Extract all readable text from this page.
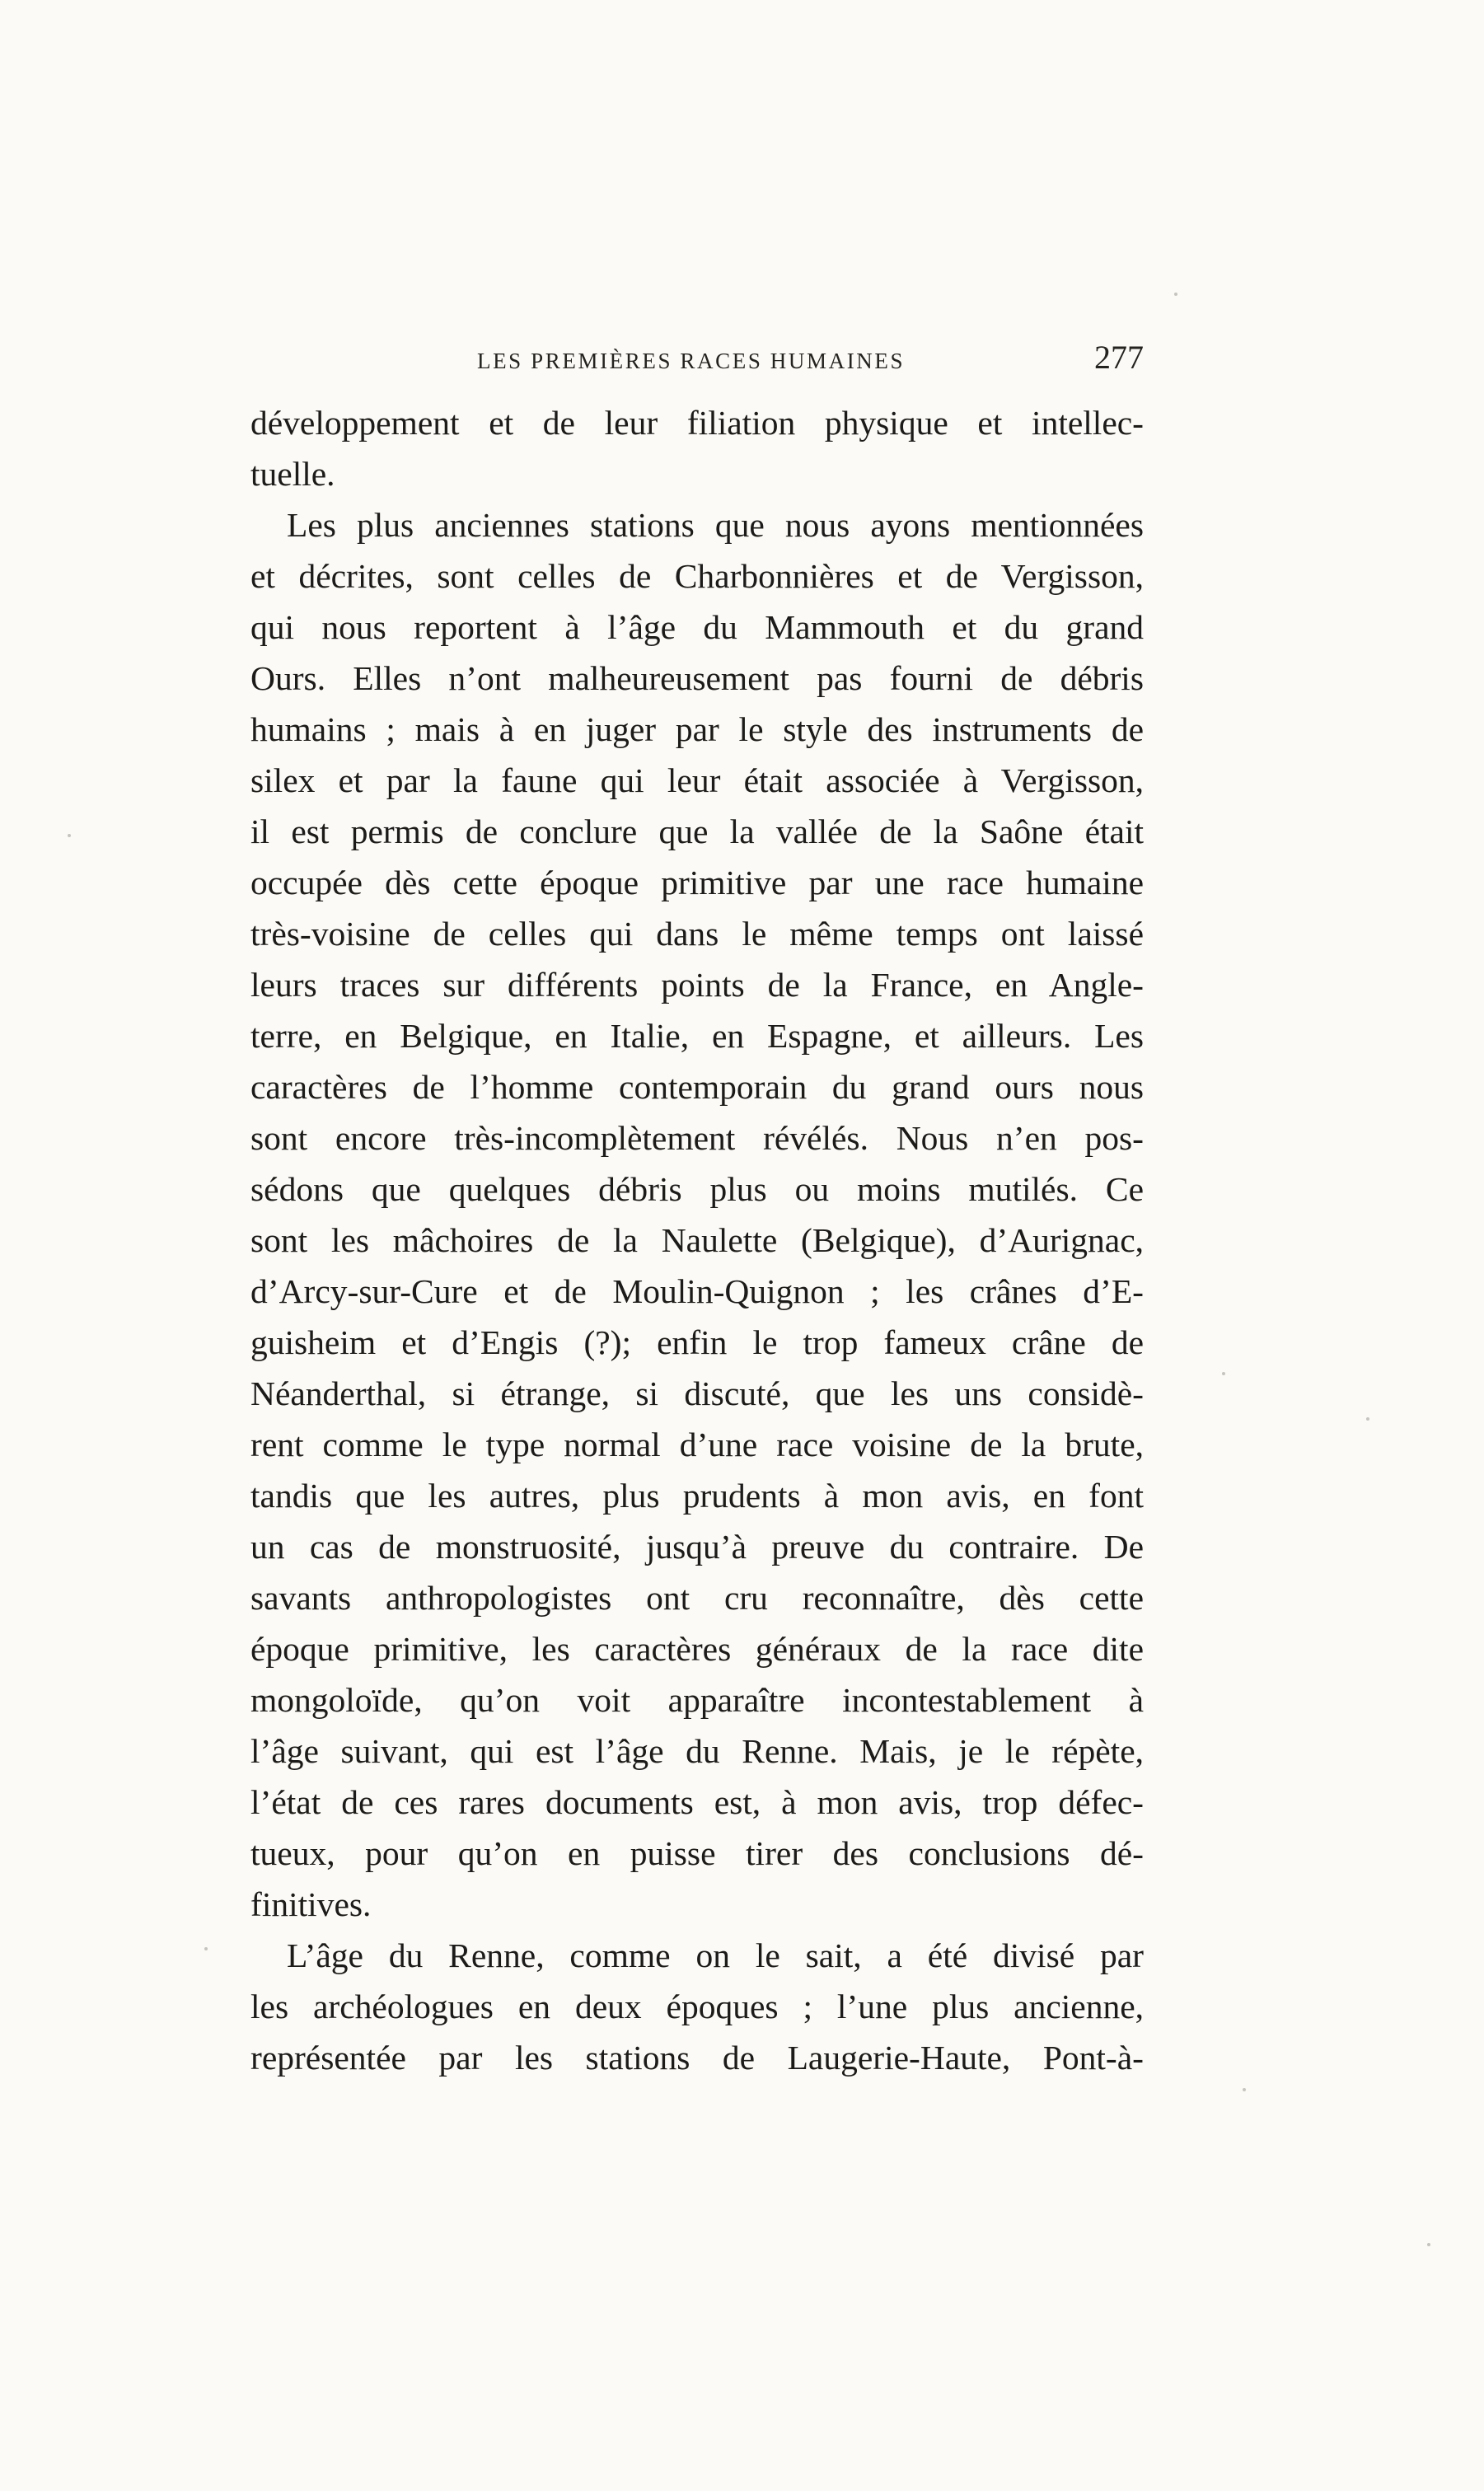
LES PREMIÈRES RACES HUMAINES	277
développement et de leur filiation physique et intellec-
tuelle.
Les plus anciennes stations que nous ayons mentionnées
et décrites, sont celles de Charbonnières et de Vergisson,
qui nous reportent à l’âge du Mammouth et du grand
Ours. Elles n’ont malheureusement pas fourni de débris
humains ; mais à en juger par le style des instruments de
silex et par la faune qui leur était associée à Vergisson,
il est permis de conclure que la vallée de la Saône était
occupée dès cette époque primitive par une race humaine
très-voisine de celles qui dans le même temps ont laissé
leurs traces sur différents points de la France, en Angle-
terre, en Belgique, en Italie, en Espagne, et ailleurs. Les
caractères de l’homme contemporain du grand ours nous
sont encore très-incomplètement révélés. Nous n’en pos-
sédons que quelques débris plus ou moins mutilés. Ce
sont les mâchoires de la Naulette (Belgique), d’Aurignac,
d’Arcy-sur-Cure et de Moulin-Quignon ; les crânes d’E-
guisheim et d’Engis (?); enfin le trop fameux crâne de
Néanderthal, si étrange, si discuté, que les uns considè-
rent comme le type normal d’une race voisine de la brute,
tandis que les autres, plus prudents à mon avis, en font
un cas de monstruosité, jusqu’à preuve du contraire. De
savants anthropologistes ont cru reconnaître, dès cette
époque primitive, les caractères généraux de la race dite
mongoloïde, qu’on voit apparaître incontestablement à
l’âge suivant, qui est l’âge du Renne. Mais, je le répète,
l’état de ces rares documents est, à mon avis, trop défec-
tueux, pour qu’on en puisse tirer des conclusions dé-
finitives.
L’âge du Renne, comme on le sait, a été divisé par
les archéologues en deux époques ; l’une plus ancienne,
représentée par les stations de Laugerie-Haute, Pont-à-
